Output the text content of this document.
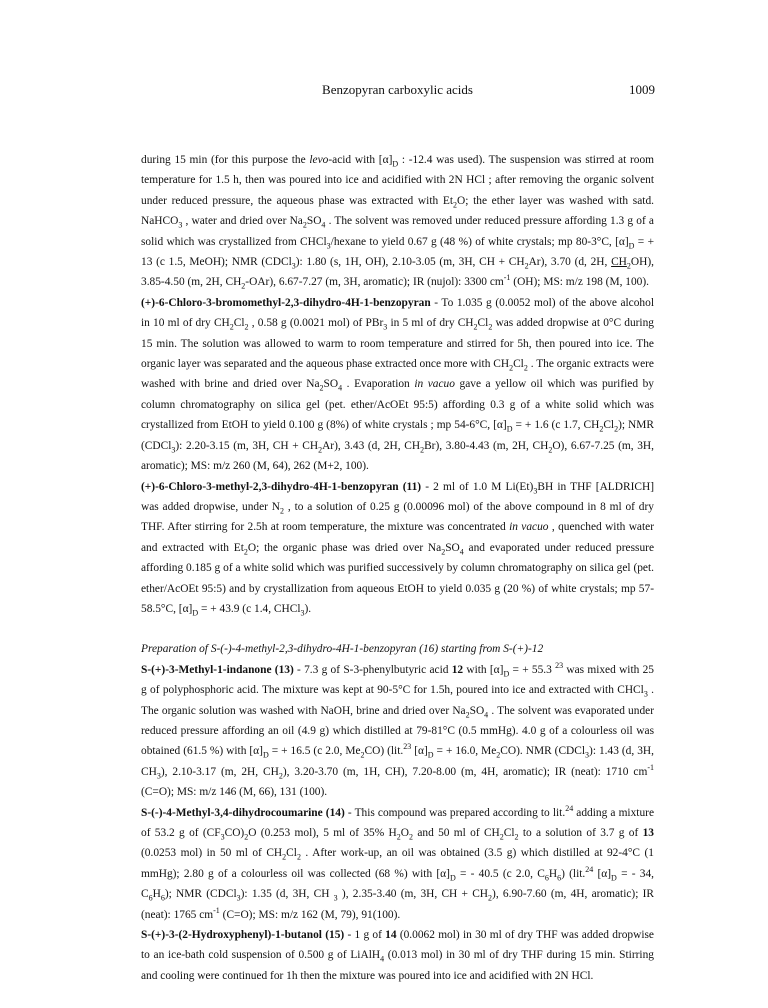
Benzopyran carboxylic acids	1009

during 15 min (for this purpose the levo-acid with $[\alpha]_D$ : -12.4 was used). The suspension was stirred at room temperature for 1.5 h, then was poured into ice and acidified with 2N HCl ; after removing the organic solvent under reduced pressure, the aqueous phase was extracted with $Et_2O$; the ether layer was washed with satd. NaHCO$_3$ , water and dried over $Na_2SO_4$ . The solvent was removed under reduced pressure affording 1.3 g of a solid which was crystallized from CHCl$_3$/hexane to yield 0.67 g (48 %) of white crystals; mp 80-3°C, $[\alpha]_D$ = + 13 (c 1.5, MeOH); NMR (CDCl$_3$): 1.80 (s, 1H, OH), 2.10-3.05 (m, 3H, CH + $CH_2Ar$), 3.70 (d, 2H, $CH_2OH$), 3.85-4.50 (m, 2H, $CH_2-OAr$), 6.67-7.27 (m, 3H, aromatic); IR (nujol): 3300 $cm^{-1}$ (OH); MS: m/z 198 (M, 100).

(+)-6-Chloro-3-bromomethyl-2,3-dihydro-4H-1-benzopyran - To 1.035 g (0.0052 mol) of the above alcohol in 10 ml of dry $CH_2Cl_2$ , 0.58 g (0.0021 mol) of PBr$_3$ in 5 ml of dry $CH_2Cl_2$ was added dropwise at 0°C during 15 min. The solution was allowed to warm to room temperature and stirred for 5h, then poured into ice. The organic layer was separated and the aqueous phase extracted once more with $CH_2Cl_2$ . The organic extracts were washed with brine and dried over $Na_2SO_4$ . Evaporation in vacuo gave a yellow oil which was purified by column chromatography on silica gel (pet. ether/AcOEt 95:5) affording 0.3 g of a white solid which was crystallized from EtOH to yield 0.100 g (8%) of white crystals ; mp 54-6°C, $[\alpha]_D$ = + 1.6 (c 1.7, $CH_2Cl_2$); NMR (CDCl$_3$): 2.20-3.15 (m, 3H, CH + $CH_2Ar$), 3.43 (d, 2H, $CH_2Br$), 3.80-4.43 (m, 2H, $CH_2O$), 6.67-7.25 (m, 3H, aromatic); MS: m/z 260 (M, 64), 262 (M+2, 100).

(+)-6-Chloro-3-methyl-2,3-dihydro-4H-1-benzopyran (11) - 2 ml of 1.0 M $Li(Et)_3BH$ in THF [ALDRICH] was added dropwise, under $N_2$ , to a solution of 0.25 g (0.00096 mol) of the above compound in 8 ml of dry THF. After stirring for 2.5h at room temperature, the mixture was concentrated in vacuo , quenched with water and extracted with $Et_2O$; the organic phase was dried over $Na_2SO_4$ and evaporated under reduced pressure affording 0.185 g of a white solid which was purified successively by column chromatography on silica gel (pet. ether/AcOEt 95:5) and by crystallization from aqueous EtOH to yield 0.035 g (20 %) of white crystals; mp 57-58.5°C, $[\alpha]_D$ = + 43.9 (c 1.4, CHCl$_3$).

Preparation of S-(-)-4-methyl-2,3-dihydro-4H-1-benzopyran (16) starting from S-(+)-12

S-(+)-3-Methyl-1-indanone (13) - 7.3 g of S-3-phenylbutyric acid 12 with $[\alpha]_D$ = + 55.3 $^{23}$ was mixed with 25 g of polyphosphoric acid. The mixture was kept at 90-5°C for 1.5h, poured into ice and extracted with CHCl$_3$ . The organic solution was washed with NaOH, brine and dried over $Na_2SO_4$ . The solvent was evaporated under reduced pressure affording an oil (4.9 g) which distilled at 79-81°C (0.5 mmHg). 4.0 g of a colourless oil was obtained (61.5 %) with $[\alpha]_D$ = + 16.5 (c 2.0, $Me_2CO$) (lit.$^{23}$ $[\alpha]_D$ = + 16.0, $Me_2CO$). NMR (CDCl$_3$): 1.43 (d, 3H, $CH_3$), 2.10-3.17 (m, 2H, $CH_2$), 3.20-3.70 (m, 1H, CH), 7.20-8.00 (m, 4H, aromatic); IR (neat): 1710 $cm^{-1}$ (C=O); MS: m/z 146 (M, 66), 131 (100).

S-(-)-4-Methyl-3,4-dihydrocoumarine (14) - This compound was prepared according to lit.$^{24}$ adding a mixture of 53.2 g of $(CF_3CO)_2O$ (0.253 mol), 5 ml of 35% $H_2O_2$ and 50 ml of $CH_2Cl_2$ to a solution of 3.7 g of 13 (0.0253 mol) in 50 ml of $CH_2Cl_2$ . After work-up, an oil was obtained (3.5 g) which distilled at 92-4°C (1 mmHg); 2.80 g of a colourless oil was collected (68 %) with $[\alpha]_D$ = - 40.5 (c 2.0, $C_6H_6$) (lit.$^{24}$ $[\alpha]_D$ = - 34, $C_6H_6$); NMR (CDCl$_3$): 1.35 (d, 3H, CH $_3$ ), 2.35-3.40 (m, 3H, CH + $CH_2$), 6.90-7.60 (m, 4H, aromatic); IR (neat): 1765 $cm^{-1}$ (C=O); MS: m/z 162 (M, 79), 91(100).

S-(+)-3-(2-Hydroxyphenyl)-1-butanol (15) - 1 g of 14 (0.0062 mol) in 30 ml of dry THF was added dropwise to an ice-bath cold suspension of 0.500 g of LiAlH$_4$ (0.013 mol) in 30 ml of dry THF during 15 min. Stirring and cooling were continued for 1h then the mixture was poured into ice and acidified with 2N HCl.
